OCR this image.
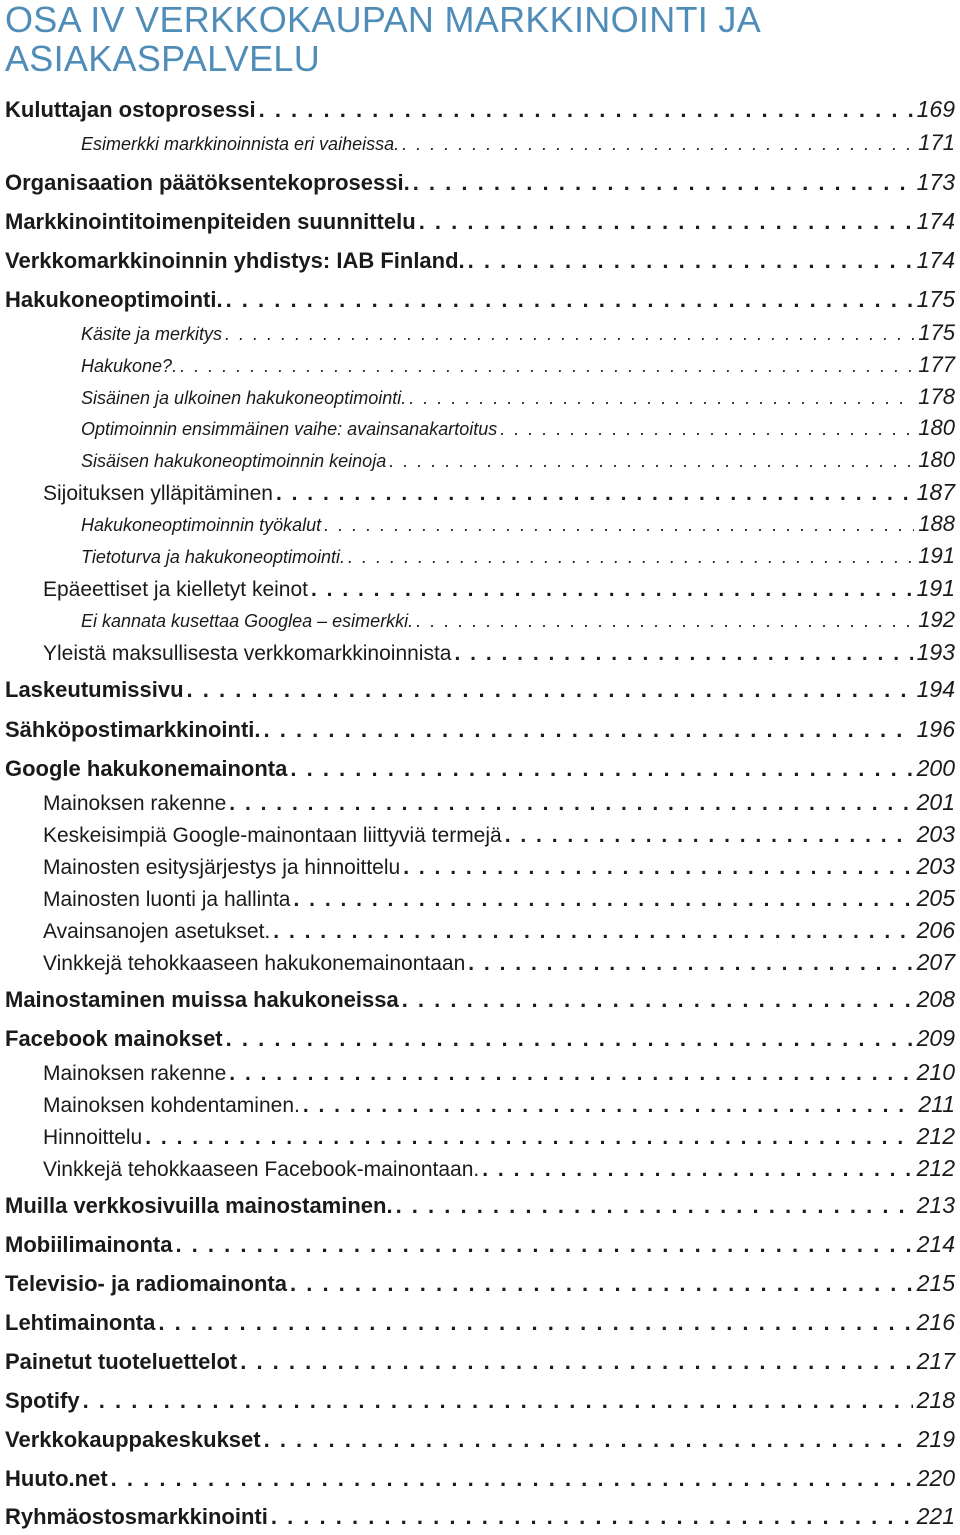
OSA IV VERKKOKAUPAN MARKKINOINTI JA ASIAKASPALVELU
Kuluttajan ostoprosessi . . .	169
Esimerkki markkinoinnista eri vaiheissa. . . .	171
Organisaation päätöksentekoprosessi. . . .	173
Markkinointitoimenpiteiden suunnittelu . . .	174
Verkkomarkkinoinnin yhdistys: IAB Finland. . . .	174
Hakukoneoptimointi. . . .	175
Käsite ja merkitys . . .	175
Hakukone?. . . .	177
Sisäinen ja ulkoinen hakukoneoptimointi. . . .	178
Optimoinnin ensimmäinen vaihe: avainsanakartoitus . . .	180
Sisäisen hakukoneoptimoinnin keinoja . . .	180
Sijoituksen ylläpitäminen . . .	187
Hakukoneoptimoinnin työkalut . . .	188
Tietoturva ja hakukoneoptimointi. . . .	191
Epäeettiset ja kielletyt keinot . . .	191
Ei kannata kusettaa Googlea – esimerkki. . . .	192
Yleistä maksullisesta verkkomarkkinoinnista . . .	193
Laskeutumissivu . . .	194
Sähköpostimarkkinointi. . . .	196
Google hakukonemainonta . . .	200
Mainoksen rakenne . . .	201
Keskeisimpiä Google-mainontaan liittyviä termejä . . .	203
Mainosten esitysjärjestys ja hinnoittelu . . .	203
Mainosten luonti ja hallinta . . .	205
Avainsanojen asetukset. . . .	206
Vinkkejä tehokkaaseen hakukonemainontaan . . .	207
Mainostaminen muissa hakukoneissa . . .	208
Facebook mainokset . . .	209
Mainoksen rakenne . . .	210
Mainoksen kohdentaminen. . . .	211
Hinnoittelu . . .	212
Vinkkejä tehokkaaseen Facebook-mainontaan. . . .	212
Muilla verkkosivuilla mainostaminen. . . .	213
Mobiilimainonta . . .	214
Televisio- ja radiomainonta . . .	215
Lehtimainonta . . .	216
Painetut tuoteluettelot . . .	217
Spotify . . .	218
Verkkokauppakeskukset . . .	219
Huuto.net . . .	220
Ryhmäostosmarkkinointi . . .	221
